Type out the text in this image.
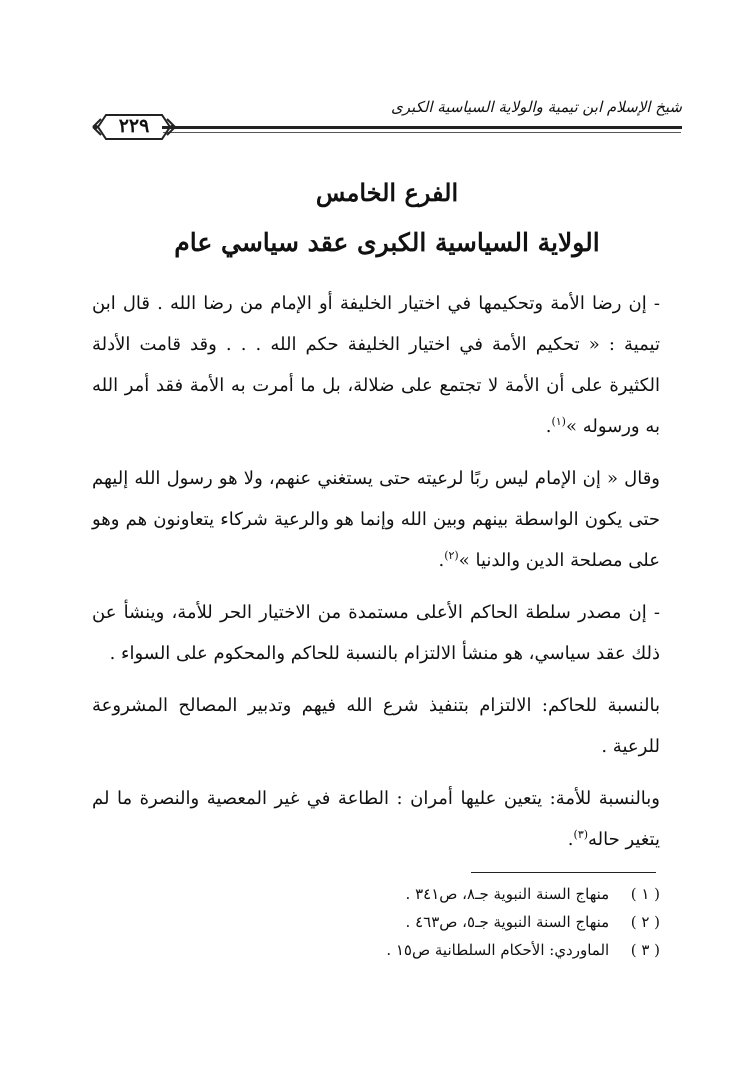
شيخ الإسلام ابن تيمية والولاية السياسية الكبرى
٢٢٩
الفرع الخامس
الولاية السياسية الكبرى عقد سياسي عام

- إن رضا الأمة وتحكيمها في اختيار الخليفة أو الإمام من رضا الله . قال ابن تيمية : « تحكيم الأمة في اختيار الخليفة حكم الله . . . وقد قامت الأدلة الكثيرة على أن الأمة لا تجتمع على ضلالة، بل ما أمرت به الأمة فقد أمر الله به ورسوله »$^{(١)}$.

وقال « إن الإمام ليس ربًا لرعيته حتى يستغني عنهم، ولا هو رسول الله إليهم حتى يكون الواسطة بينهم وبين الله وإنما هو والرعية شركاء يتعاونون هم وهو على مصلحة الدين والدنيا »$^{(٢)}$.

- إن مصدر سلطة الحاكم الأعلى مستمدة من الاختيار الحر للأمة، وينشأ عن ذلك عقد سياسي، هو منشأ الالتزام بالنسبة للحاكم والمحكوم على السواء .

بالنسبة للحاكم: الالتزام بتنفيذ شرع الله فيهم وتدبير المصالح المشروعة للرعية .

وبالنسبة للأمة: يتعين عليها أمران : الطاعة في غير المعصية والنصرة ما لم يتغير حاله$^{(٣)}$.

( ١ ) منهاج السنة النبوية جـ٨، ص٣٤١ .
( ٢ ) منهاج السنة النبوية جـ٥، ص٤٦٣ .
( ٣ ) الماوردي: الأحكام السلطانية ص١٥ .
